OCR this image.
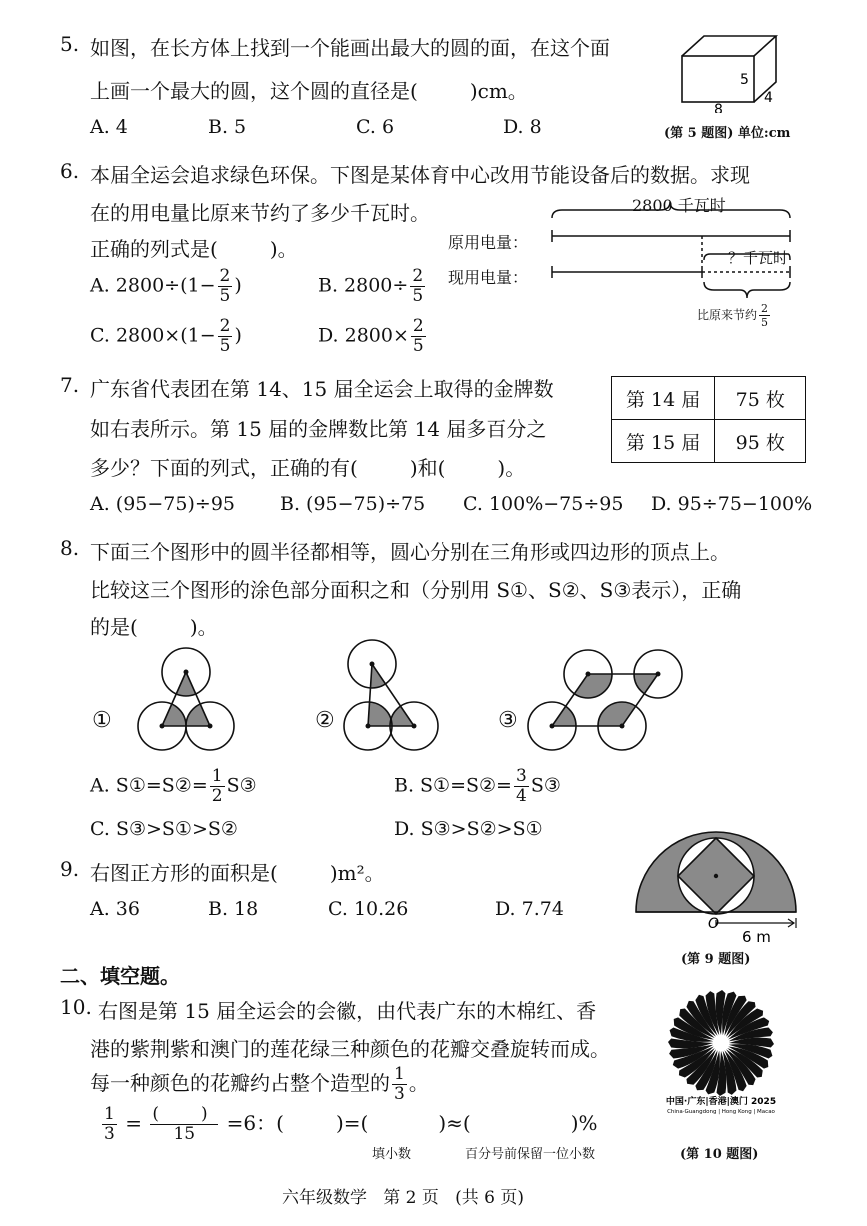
5. 如图，在长方体上找到一个能画出最大的圆的面，在这个面
上画一个最大的圆，这个圆的直径是(	)cm。
A. 4	B. 5	C. 6	D. 8
5
4
8
(第 5 题图) 单位:cm
6. 本届全运会追求绿色环保。下图是某体育中心改用节能设备后的数据。求现
在的用电量比原来节约了多少千瓦时。
正确的列式是(	)。
A. $2800\div(1- \frac{2}{5}$ )	B. $2800\div \frac{2}{5}$
C. $2800\times(1- \frac{2}{5}$ )	D. $2800\times \frac{2}{5}$
原用电量：
现用电量：
2800 千瓦时
？千瓦时
比原来节约 $\frac{2}{5}$
7. 广东省代表团在第 14、15 届全运会上取得的金牌数
如右表所示。第 15 届的金牌数比第 14 届多百分之
多少？下面的列式，正确的有(	)和(	)。
第 14 届	75 枚
第 15 届	95 枚
A. (95−75)÷95 B. (95−75)÷75 C. 100%−75÷95 D. 95÷75−100%
8. 下面三个图形中的圆半径都相等，圆心分别在三角形或四边形的顶点上。
比较这三个图形的涂色部分面积之和（分别用 S①、S②、S③表示），正确
的是(	)。
①	②	③
A. S①=S②= $\frac{1}{2}$ S③	B. S①=S②= $\frac{3}{4}$ S③
C. S③>S①>S②	D. S③>S②>S①
9. 右图正方形的面积是(	)m²。
A. 36	B. 18	C. 10.26	D. 7.74
O
6 m
(第 9 题图)
二、填空题。
10. 右图是第 15 届全运会的会徽，由代表广东的木棉红、香
港的紫荆紫和澳门的莲花绿三种颜色的花瓣交叠旋转而成。
每一种颜色的花瓣约占整个造型的 $\frac{1}{3}$ 。
$\frac{1}{3} = \frac{( )}{15} =6$：(	)=(	)≈(	)%
填小数	百分号前保留一位小数
中国·广东|香港|澳门 2025
China·Guangdong | Hong Kong | Macao
(第 10 题图)
六年级数学 第 2 页 (共 6 页)
